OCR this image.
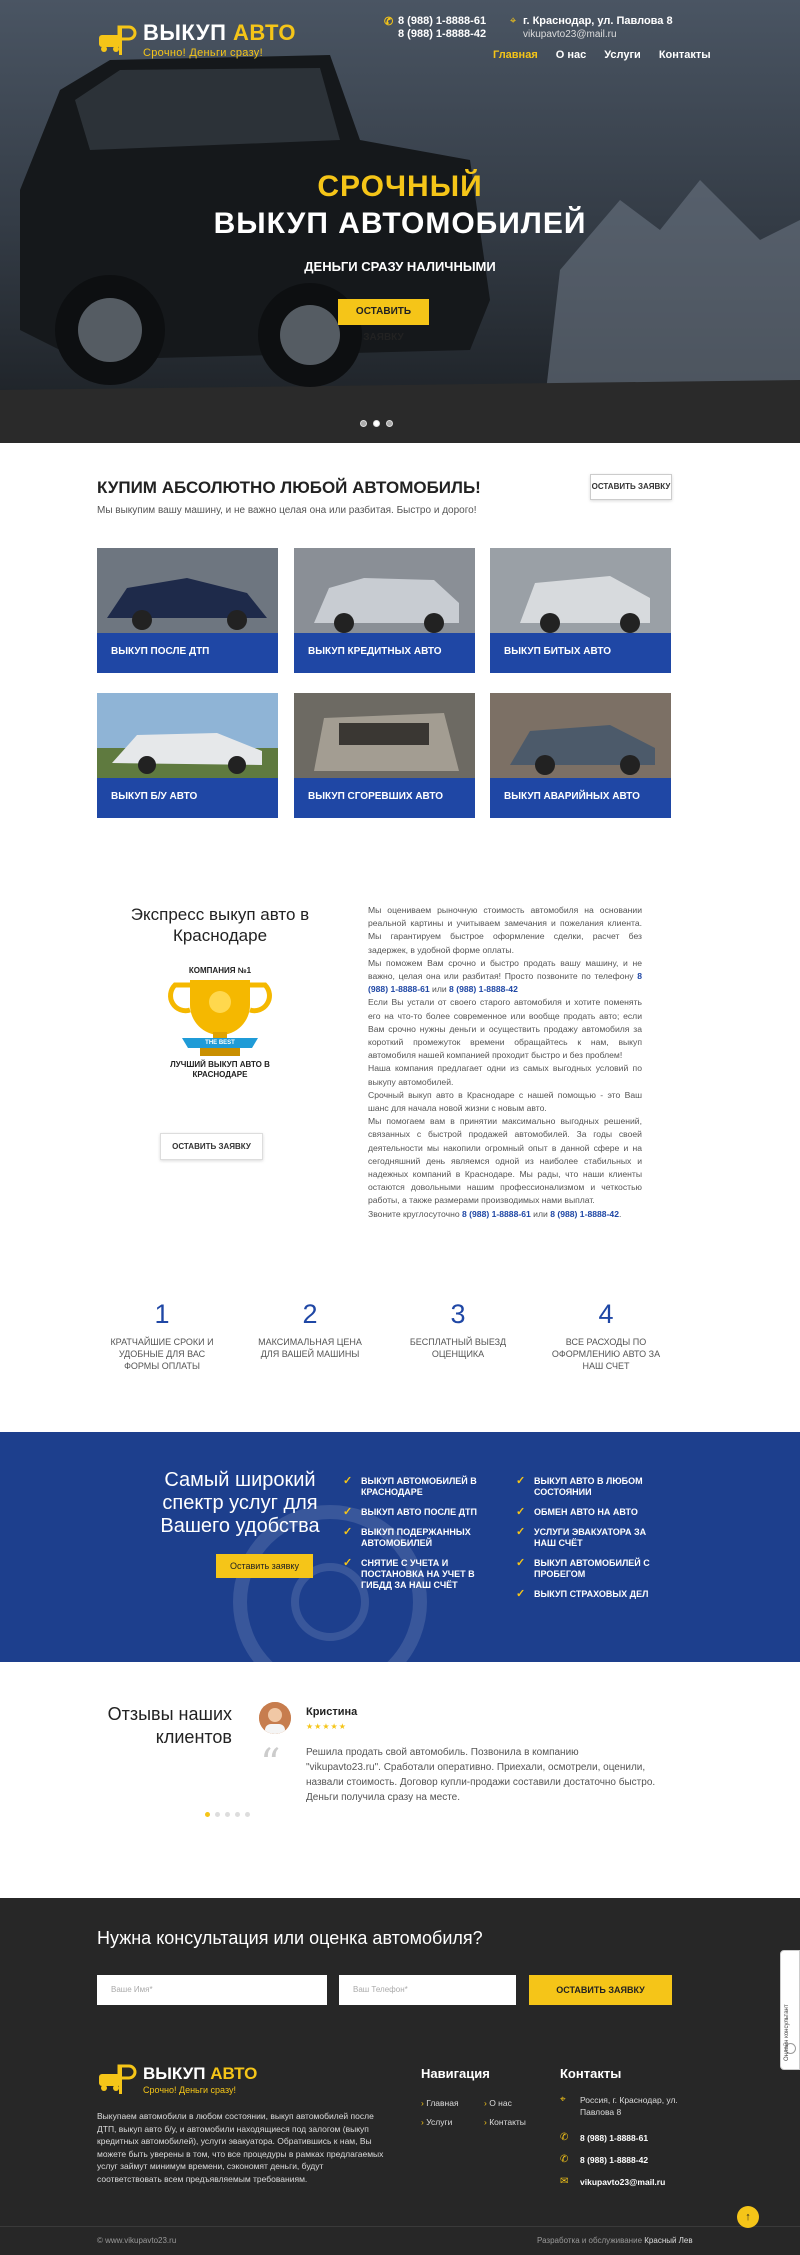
ВЫКУП АВТО
Срочно! Деньги сразу!
✆ 8 (988) 1-8888-61
8 (988) 1-8888-42
⌖ г. Краснодар, ул. Павлова 8
vikupavto23@mail.ru
Главная	О нас	Услуги	Контакты
СРОЧНЫЙ
ВЫКУП АВТОМОБИЛЕЙ
ДЕНЬГИ СРАЗУ НАЛИЧНЫМИ
ОСТАВИТЬ ЗАЯВКУ
КУПИМ АБСОЛЮТНО ЛЮБОЙ АВТОМОБИЛЬ!
Мы выкупим вашу машину, и не важно целая она или разбитая. Быстро и дорого!
ОСТАВИТЬ ЗАЯВКУ
ВЫКУП ПОСЛЕ ДТП	ВЫКУП КРЕДИТНЫХ АВТО	ВЫКУП БИТЫХ АВТО
ВЫКУП Б/У АВТО	ВЫКУП СГОРЕВШИХ АВТО	ВЫКУП АВАРИЙНЫХ АВТО
Экспресс выкуп авто в Краснодаре
КОМПАНИЯ №1
THE BEST
ЛУЧШИЙ ВЫКУП АВТО В КРАСНОДАРЕ
ОСТАВИТЬ ЗАЯВКУ
Мы оцениваем рыночную стоимость автомобиля на основании реальной картины и учитываем замечания и пожелания клиента. Мы гарантируем быстрое оформление сделки, расчет без задержек, в удобной форме оплаты.
Мы поможем Вам срочно и быстро продать вашу машину, и не важно, целая она или разбитая! Просто позвоните по телефону 8 (988) 1-8888-61 или 8 (988) 1-8888-42
Если Вы устали от своего старого автомобиля и хотите поменять его на что-то более современное или вообще продать авто; если Вам срочно нужны деньги и осуществить продажу автомобиля за короткий промежуток времени обращайтесь к нам, выкуп автомобиля нашей компанией проходит быстро и без проблем!
Наша компания предлагает одни из самых выгодных условий по выкупу автомобилей.
Срочный выкуп авто в Краснодаре с нашей помощью - это Ваш шанс для начала новой жизни с новым авто.
Мы помогаем вам в принятии максимально выгодных решений, связанных с быстрой продажей автомобилей. За годы своей деятельности мы накопили огромный опыт в данной сфере и на сегодняшний день являемся одной из наиболее стабильных и надежных компаний в Краснодаре. Мы рады, что наши клиенты остаются довольными нашим профессионализмом и четкостью работы, а также размерами производимых нами выплат.
Звоните круглосуточно 8 (988) 1-8888-61 или 8 (988) 1-8888-42.
1
КРАТЧАЙШИЕ СРОКИ И УДОБНЫЕ ДЛЯ ВАС ФОРМЫ ОПЛАТЫ
2
МАКСИМАЛЬНАЯ ЦЕНА ДЛЯ ВАШЕЙ МАШИНЫ
3
БЕСПЛАТНЫЙ ВЫЕЗД ОЦЕНЩИКА
4
ВСЕ РАСХОДЫ ПО ОФОРМЛЕНИЮ АВТО ЗА НАШ СЧЕТ
Самый широкий спектр услуг для Вашего удобства
Оставить заявку
✓ ВЫКУП АВТОМОБИЛЕЙ В КРАСНОДАРЕ
✓ ВЫКУП АВТО ПОСЛЕ ДТП
✓ ВЫКУП ПОДЕРЖАННЫХ АВТОМОБИЛЕЙ
✓ СНЯТИЕ С УЧЕТА И ПОСТАНОВКА НА УЧЕТ В ГИБДД ЗА НАШ СЧЁТ
✓ ВЫКУП АВТО В ЛЮБОМ СОСТОЯНИИ
✓ ОБМЕН АВТО НА АВТО
✓ УСЛУГИ ЭВАКУАТОРА ЗА НАШ СЧЁТ
✓ ВЫКУП АВТОМОБИЛЕЙ С ПРОБЕГОМ
✓ ВЫКУП СТРАХОВЫХ ДЕЛ
Отзывы наших клиентов
Кристина
★★★★★
“	Решила продать свой автомобиль. Позвонила в компанию "vikupavto23.ru". Сработали оперативно. Приехали, осмотрели, оценили, назвали стоимость. Договор купли-продажи составили достаточно быстро. Деньги получила сразу на месте.
Нужна консультация или оценка автомобиля?
Ваше Имя*	Ваш Телефон*	ОСТАВИТЬ ЗАЯВКУ
ВЫКУП АВТО
Срочно! Деньги сразу!
Выкупаем автомобили в любом состоянии, выкуп автомобилей после ДТП, выкуп авто б/у, и автомобили находящиеся под залогом (выкуп кредитных автомобилей), услуги эвакуатора. Обратившись к нам, Вы можете быть уверены в том, что все процедуры в рамках предлагаемых услуг займут минимум времени, сэкономят деньги, будут соответствовать всем предъявляемым требованиям.
Навигация
› Главная
› Услуги
› О нас
› Контакты
Контакты
⌖ Россия, г. Краснодар, ул. Павлова 8
✆ 8 (988) 1-8888-61
✆ 8 (988) 1-8888-42
✉ vikupavto23@mail.ru
© www.vikupavto23.ru	Разработка и обслуживание Красный Лев
↑
Онлайн консультант
